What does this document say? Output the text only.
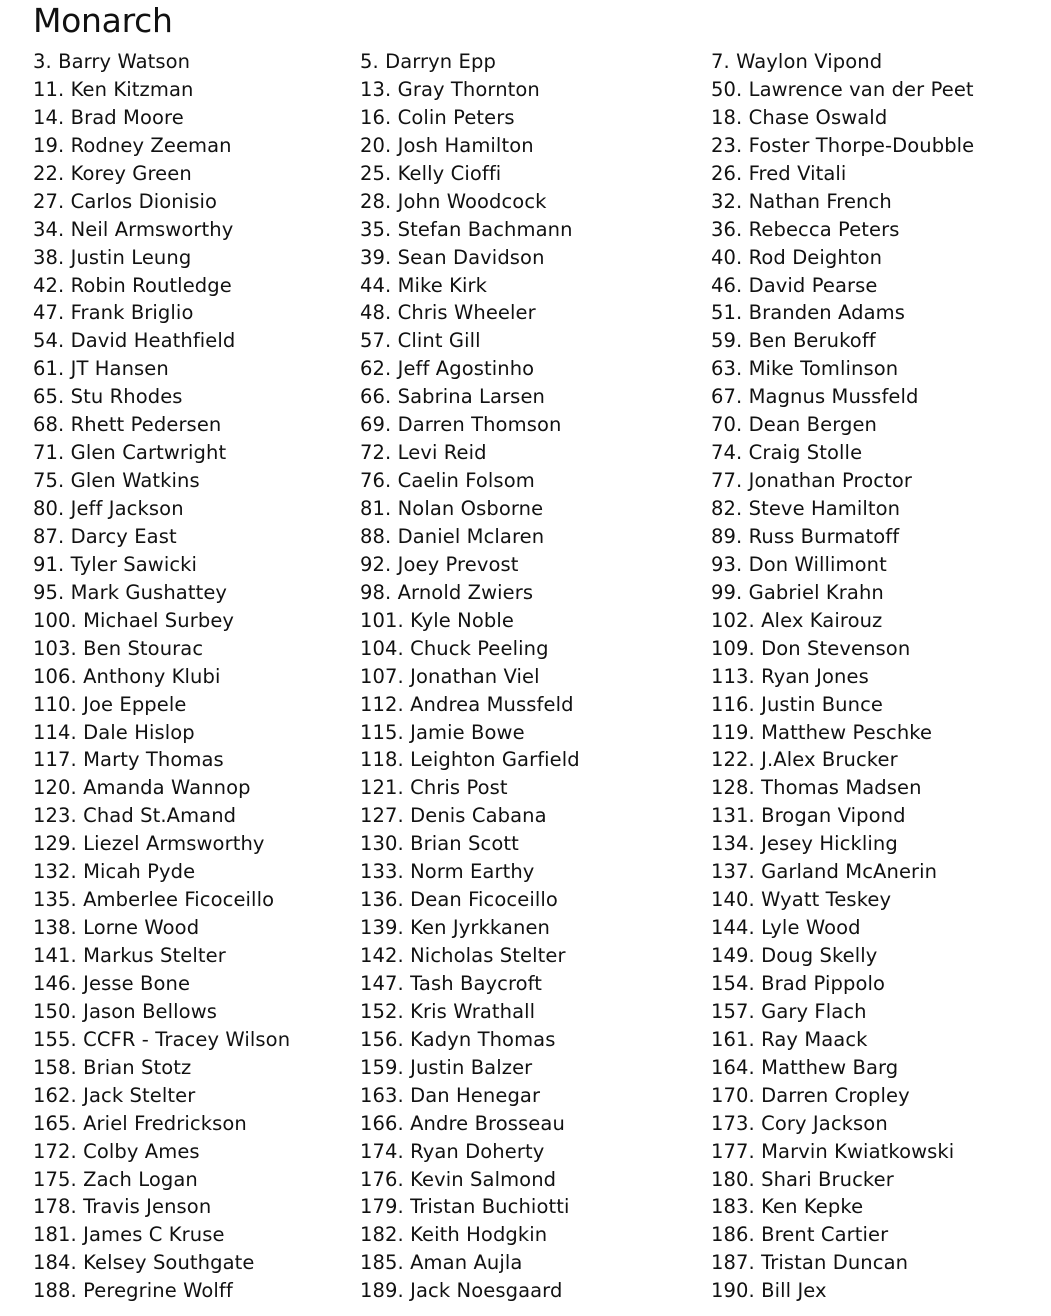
Monarch
3. Barry Watson
11. Ken Kitzman
14. Brad Moore
19. Rodney Zeeman
22. Korey Green
27. Carlos Dionisio
34. Neil Armsworthy
38. Justin Leung
42. Robin Routledge
47. Frank Briglio
54. David Heathfield
61. JT Hansen
65. Stu Rhodes
68. Rhett Pedersen
71. Glen Cartwright
75. Glen Watkins
80. Jeff Jackson
87. Darcy East
91. Tyler Sawicki
95. Mark Gushattey
100. Michael Surbey
103. Ben Stourac
106. Anthony Klubi
110. Joe Eppele
114. Dale Hislop
117. Marty Thomas
120. Amanda Wannop
123. Chad St.Amand
129. Liezel Armsworthy
132. Micah Pyde
135. Amberlee Ficoceillo
138. Lorne Wood
141. Markus Stelter
146. Jesse Bone
150. Jason Bellows
155. CCFR - Tracey Wilson
158. Brian Stotz
162. Jack Stelter
165. Ariel Fredrickson
172. Colby Ames
175. Zach Logan
178. Travis Jenson
181. James C Kruse
184. Kelsey Southgate
188. Peregrine Wolff
5. Darryn Epp
13. Gray Thornton
16. Colin Peters
20. Josh Hamilton
25. Kelly Cioffi
28. John Woodcock
35. Stefan Bachmann
39. Sean Davidson
44. Mike Kirk
48. Chris Wheeler
57. Clint Gill
62. Jeff Agostinho
66. Sabrina Larsen
69. Darren Thomson
72. Levi Reid
76. Caelin Folsom
81. Nolan Osborne
88. Daniel Mclaren
92. Joey Prevost
98. Arnold Zwiers
101. Kyle Noble
104. Chuck Peeling
107. Jonathan Viel
112. Andrea Mussfeld
115. Jamie Bowe
118. Leighton Garfield
121. Chris Post
127. Denis Cabana
130. Brian Scott
133. Norm Earthy
136. Dean Ficoceillo
139. Ken Jyrkkanen
142. Nicholas Stelter
147. Tash Baycroft
152. Kris Wrathall
156. Kadyn Thomas
159. Justin Balzer
163. Dan Henegar
166. Andre Brosseau
174. Ryan Doherty
176. Kevin Salmond
179. Tristan Buchiotti
182. Keith Hodgkin
185. Aman Aujla
189. Jack Noesgaard
7. Waylon Vipond
50. Lawrence van der Peet
18. Chase Oswald
23. Foster Thorpe-Doubble
26. Fred Vitali
32. Nathan French
36. Rebecca Peters
40. Rod Deighton
46. David Pearse
51. Branden Adams
59. Ben Berukoff
63. Mike Tomlinson
67. Magnus Mussfeld
70. Dean Bergen
74. Craig Stolle
77. Jonathan Proctor
82. Steve Hamilton
89. Russ Burmatoff
93. Don Willimont
99. Gabriel Krahn
102. Alex Kairouz
109. Don Stevenson
113. Ryan Jones
116. Justin Bunce
119. Matthew Peschke
122. J.Alex Brucker
128. Thomas Madsen
131. Brogan Vipond
134. Jesey Hickling
137. Garland McAnerin
140. Wyatt Teskey
144. Lyle Wood
149. Doug Skelly
154. Brad Pippolo
157. Gary Flach
161. Ray Maack
164. Matthew Barg
170. Darren Cropley
173. Cory Jackson
177. Marvin Kwiatkowski
180. Shari Brucker
183. Ken Kepke
186. Brent Cartier
187. Tristan Duncan
190. Bill Jex
